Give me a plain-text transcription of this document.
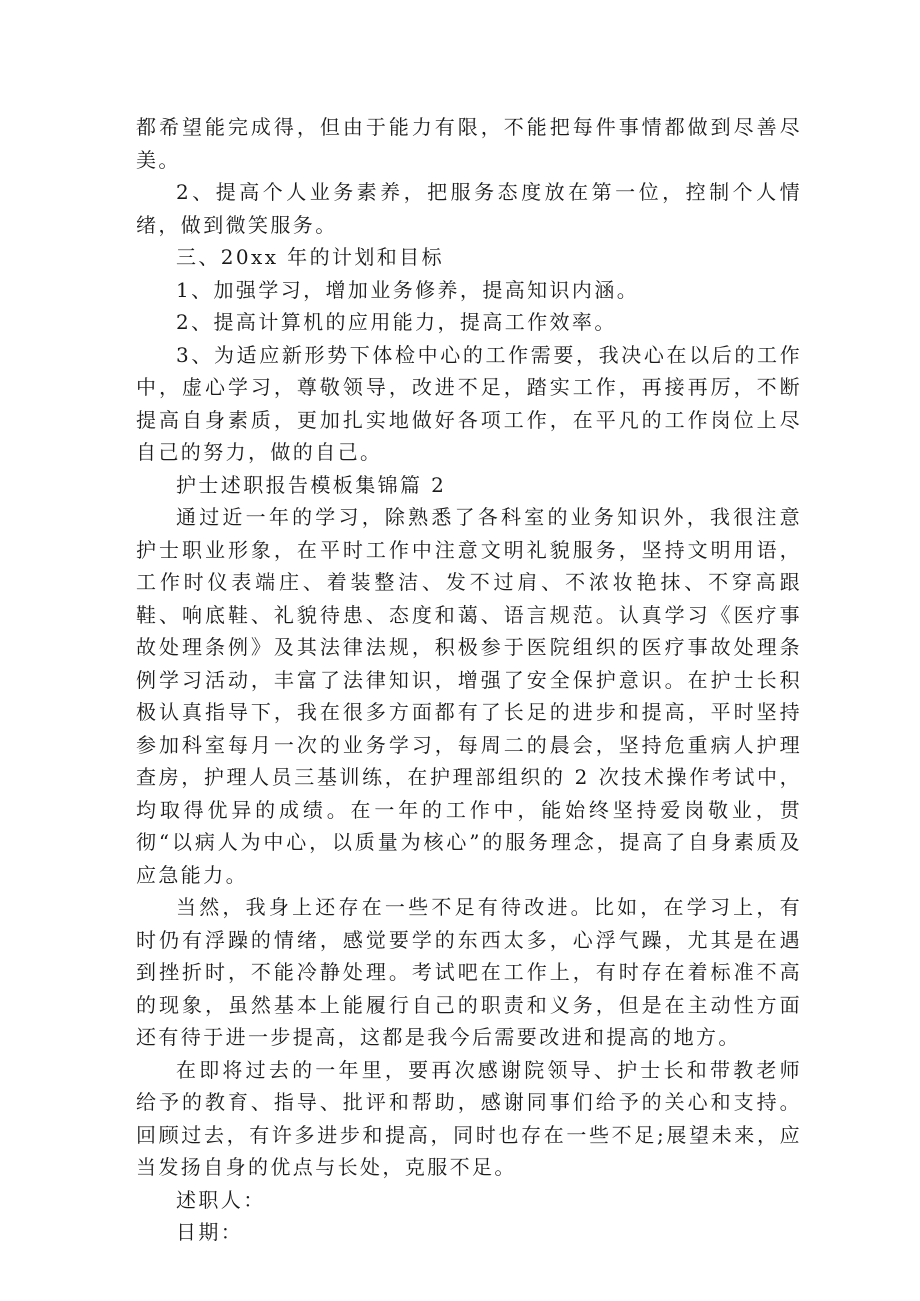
都希望能完成得，但由于能力有限，不能把每件事情都做到尽善尽美。

2、提高个人业务素养，把服务态度放在第一位，控制个人情绪，做到微笑服务。

三、20xx 年的计划和目标

1、加强学习，增加业务修养，提高知识内涵。

2、提高计算机的应用能力，提高工作效率。

3、为适应新形势下体检中心的工作需要，我决心在以后的工作中，虚心学习，尊敬领导，改进不足，踏实工作，再接再厉，不断提高自身素质，更加扎实地做好各项工作，在平凡的工作岗位上尽自己的努力，做的自己。

护士述职报告模板集锦篇 2

通过近一年的学习，除熟悉了各科室的业务知识外，我很注意护士职业形象，在平时工作中注意文明礼貌服务，坚持文明用语，工作时仪表端庄、着装整洁、发不过肩、不浓妆艳抹、不穿高跟鞋、响底鞋、礼貌待患、态度和蔼、语言规范。认真学习《医疗事故处理条例》及其法律法规，积极参于医院组织的医疗事故处理条例学习活动，丰富了法律知识，增强了安全保护意识。在护士长积极认真指导下，我在很多方面都有了长足的进步和提高，平时坚持参加科室每月一次的业务学习，每周二的晨会，坚持危重病人护理查房，护理人员三基训练，在护理部组织的 2 次技术操作考试中，均取得优异的成绩。在一年的工作中，能始终坚持爱岗敬业，贯彻“以病人为中心，以质量为核心”的服务理念，提高了自身素质及应急能力。

当然，我身上还存在一些不足有待改进。比如，在学习上，有时仍有浮躁的情绪，感觉要学的东西太多，心浮气躁，尤其是在遇到挫折时，不能冷静处理。考试吧在工作上，有时存在着标准不高的现象，虽然基本上能履行自己的职责和义务，但是在主动性方面还有待于进一步提高，这都是我今后需要改进和提高的地方。

在即将过去的一年里，要再次感谢院领导、护士长和带教老师给予的教育、指导、批评和帮助，感谢同事们给予的关心和支持。回顾过去，有许多进步和提高，同时也存在一些不足;展望未来，应当发扬自身的优点与长处，克服不足。

述职人：

日期：
